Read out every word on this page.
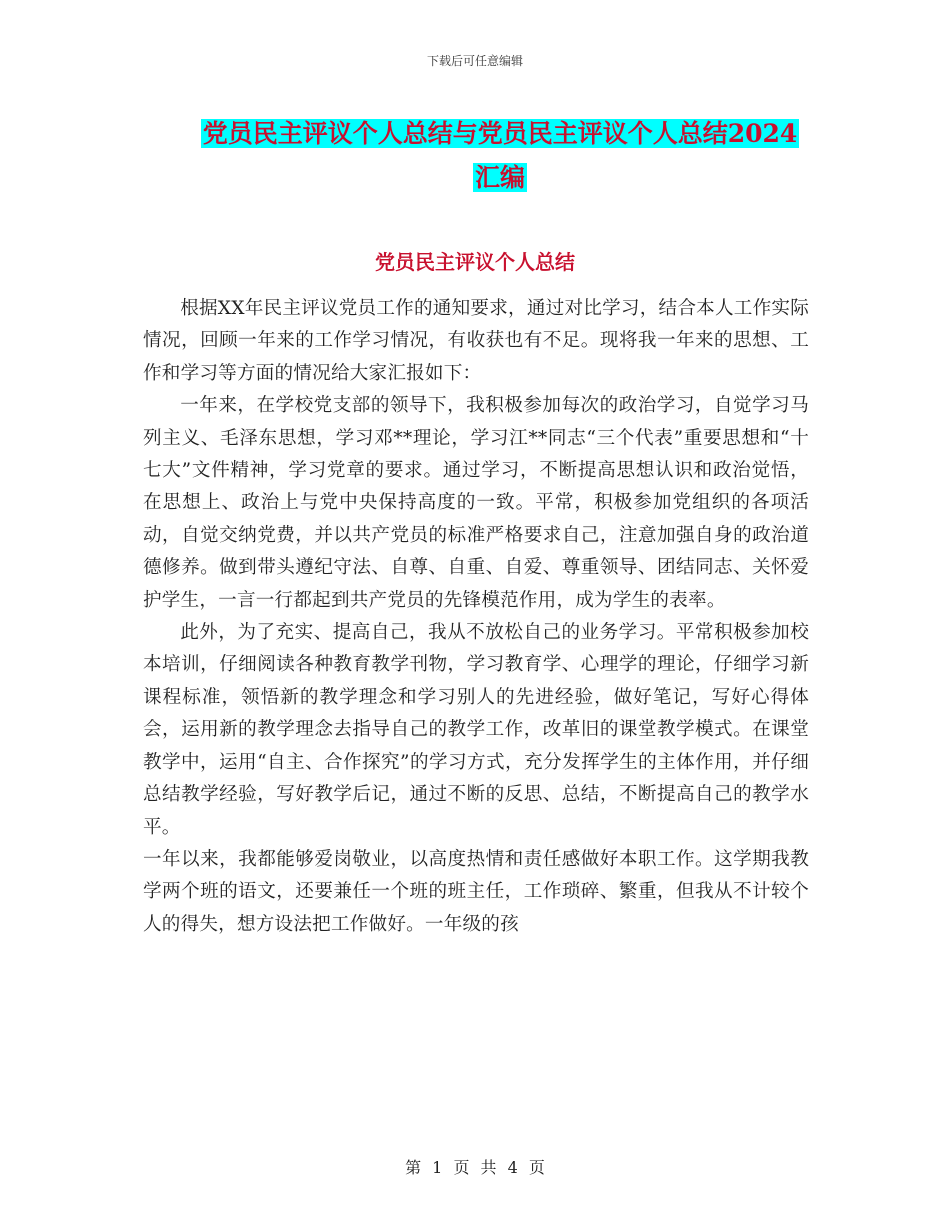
下载后可任意编辑
党员民主评议个人总结与党员民主评议个人总结2024
汇编
党员民主评议个人总结

根据XX年民主评议党员工作的通知要求，通过对比学习，结合本人工作实际情况，回顾一年来的工作学习情况，有收获也有不足。现将我一年来的思想、工作和学习等方面的情况给大家汇报如下：

一年来，在学校党支部的领导下，我积极参加每次的政治学习，自觉学习马列主义、毛泽东思想，学习邓**理论，学习江**同志“三个代表”重要思想和“十七大”文件精神，学习党章的要求。通过学习，不断提高思想认识和政治觉悟，在思想上、政治上与党中央保持高度的一致。平常，积极参加党组织的各项活动，自觉交纳党费，并以共产党员的标准严格要求自己，注意加强自身的政治道德修养。做到带头遵纪守法、自尊、自重、自爱、尊重领导、团结同志、关怀爱护学生，一言一行都起到共产党员的先锋模范作用，成为学生的表率。

此外，为了充实、提高自己，我从不放松自己的业务学习。平常积极参加校本培训，仔细阅读各种教育教学刊物，学习教育学、心理学的理论，仔细学习新课程标准，领悟新的教学理念和学习别人的先进经验，做好笔记，写好心得体会，运用新的教学理念去指导自己的教学工作，改革旧的课堂教学模式。在课堂教学中，运用“自主、合作探究”的学习方式，充分发挥学生的主体作用，并仔细总结教学经验，写好教学后记，通过不断的反思、总结，不断提高自己的教学水平。

一年以来，我都能够爱岗敬业，以高度热情和责任感做好本职工作。这学期我教学两个班的语文，还要兼任一个班的班主任，工作琐碎、繁重，但我从不计较个人的得失，想方设法把工作做好。一年级的孩

第 1 页 共 4 页
